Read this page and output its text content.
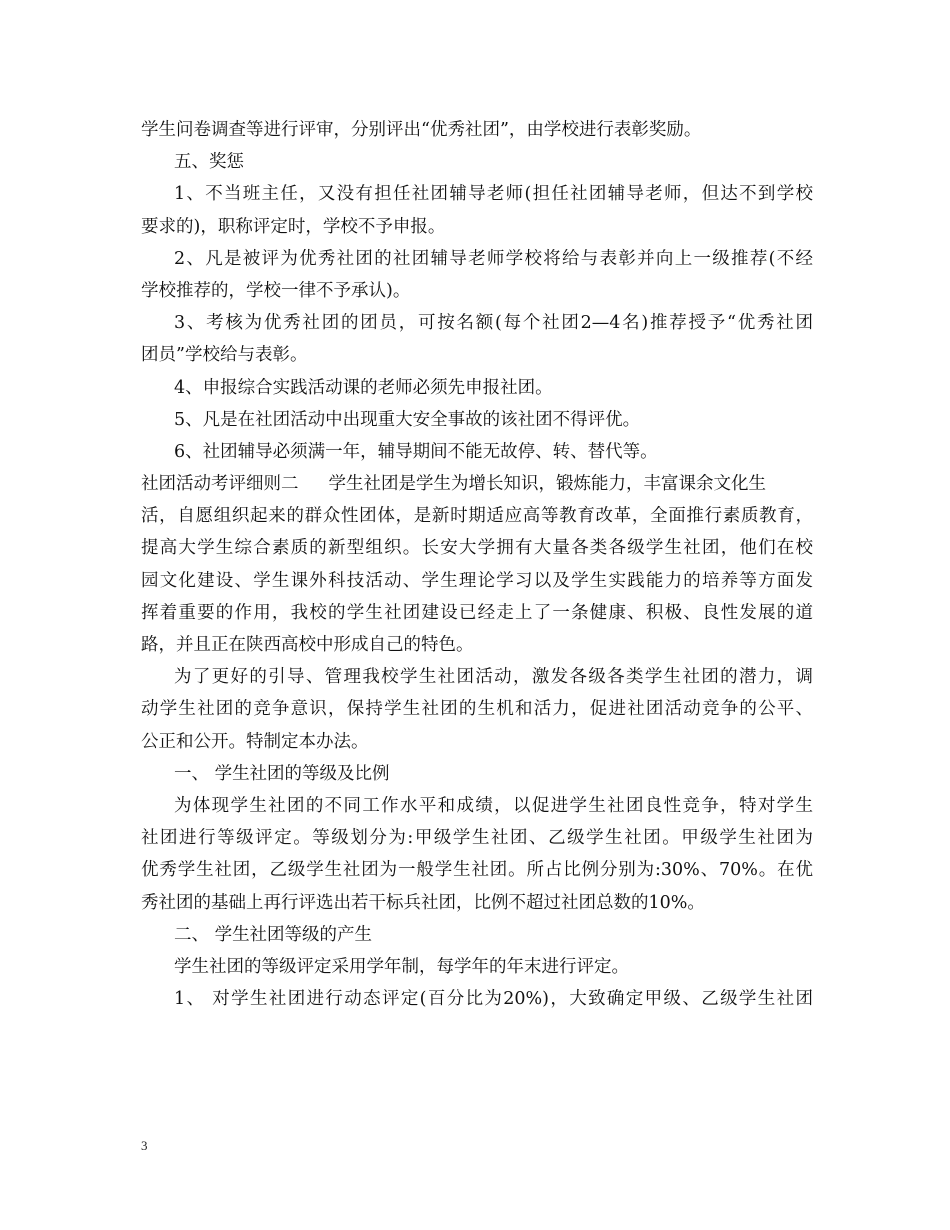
学生问卷调查等进行评审，分别评出“优秀社团”，由学校进行表彰奖励。
五、奖惩
1、不当班主任，又没有担任社团辅导老师(担任社团辅导老师，但达不到学校
要求的)，职称评定时，学校不予申报。
2、凡是被评为优秀社团的社团辅导老师学校将给与表彰并向上一级推荐(不经
学校推荐的，学校一律不予承认)。
3、考核为优秀社团的团员，可按名额(每个社团2—4名)推荐授予“优秀社团
团员”学校给与表彰。
4、申报综合实践活动课的老师必须先申报社团。
5、凡是在社团活动中出现重大安全事故的该社团不得评优。
6、社团辅导必须满一年，辅导期间不能无故停、转、替代等。
社团活动考评细则二 学生社团是学生为增长知识，锻炼能力，丰富课余文化生
活，自愿组织起来的群众性团体，是新时期适应高等教育改革，全面推行素质教育，
提高大学生综合素质的新型组织。长安大学拥有大量各类各级学生社团，他们在校
园文化建设、学生课外科技活动、学生理论学习以及学生实践能力的培养等方面发
挥着重要的作用，我校的学生社团建设已经走上了一条健康、积极、良性发展的道
路，并且正在陕西高校中形成自己的特色。
为了更好的引导、管理我校学生社团活动，激发各级各类学生社团的潜力，调
动学生社团的竞争意识，保持学生社团的生机和活力，促进社团活动竞争的公平、
公正和公开。特制定本办法。
一、 学生社团的等级及比例
为体现学生社团的不同工作水平和成绩，以促进学生社团良性竞争，特对学生
社团进行等级评定。等级划分为:甲级学生社团、乙级学生社团。甲级学生社团为
优秀学生社团，乙级学生社团为一般学生社团。所占比例分别为:30%、70%。在优
秀社团的基础上再行评选出若干标兵社团，比例不超过社团总数的10%。
二、 学生社团等级的产生
学生社团的等级评定采用学年制，每学年的年末进行评定。
1、 对学生社团进行动态评定(百分比为20%)，大致确定甲级、乙级学生社团
3
